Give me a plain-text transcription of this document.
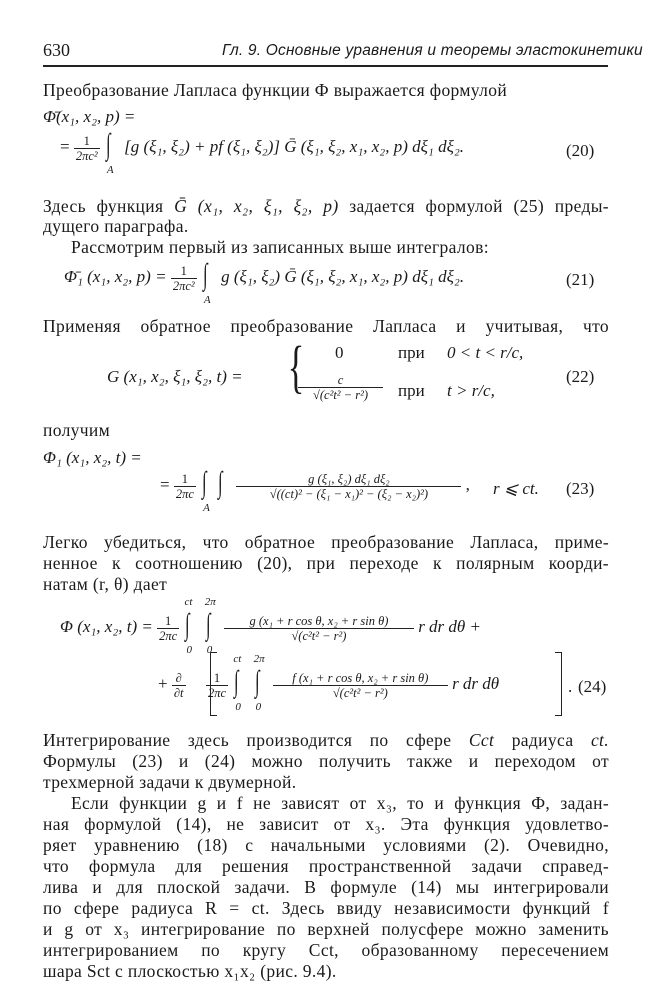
630	Гл. 9. Основные уравнения и теоремы эластокинетики
Преобразование Лапласа функции Ф выражается формулой
Φ̄(x₁, x₂, p) =
= $\frac{1}{\text{2πc²}}$
∫
A
[g (ξ₁, ξ₂) + pf (ξ₁, ξ₂)] Ḡ (ξ₁, ξ₂, x₁, x₂, p) dξ₁ dξ₂.	(20)
Здесь функция Ḡ (x₁, x₂, ξ₁, ξ₂, p) задается формулой (25) преды-
дущего параграфа.
Рассмотрим первый из записанных выше интегралов:
Φ̄₁ (x₁, x₂, $p) = \frac{1}{\text{2πc²}}$
∫
A
g (ξ₁, ξ₂) Ḡ (ξ₁, ξ₂, x₁, x₂, p) dξ₁ dξ₂.	(21)
Применяя обратное преобразование Лапласа и учитывая, что
G (x₁, x₂, ξ₁, ξ₂, t) = {	0	при 0 < t < r/c,
$\frac{c}{\text{√(c²t² − r²)}}$ при t > r/c,
(22)
получим
Φ₁ (x₁, x₂, t) =
= $\frac{1}{2\pi c}$
∫
A
∫
$\frac{\text{g (ξ₁, ξ₂) dξ₁ dξ₂}}{\text{√((ct)² − (ξ₁ − x₁)² − (ξ₂ − x₂)²)}}$ , r ⩽ ct. (23)
Легко убедиться, что обратное преобразование Лапласа, приме-
ненное к соотношению (20), при переходе к полярным коорди-
натам (r, θ) дает
Φ (x₁, x₂, $t) = \frac{1}{2\pi c}$
∫
ct
0

∫
2π
0

$\frac{\text{g (x₁ + r cos θ, x₂ + r sin θ)}}{\text{√(c²t² − r²)}}$ r dr dθ +
+ $\frac{\partial}{\partial t}$
$\frac{1}{2\pi c}$
∫
ct
0

∫
2π
0

$\frac{\text{f (x₁ + r cos θ, x₂ + r sin θ)}}{\text{√(c²t² − r²)}}$ r dr dθ	. (24)
Интегрирование здесь производится по сфере Cct радиуса ct.
Формулы (23) и (24) можно получить также и переходом от
трехмерной задачи к двумерной.
Если функции g и f не зависят от x₃, то и функция Ф, задан-
ная формулой (14), не зависит от x₃. Эта функция удовлетво-
ряет уравнению (18) с начальными условиями (2). Очевидно,
что формула для решения пространственной задачи справед-
лива и для плоской задачи. В формуле (14) мы интегрировали
по сфере радиуса R = ct. Здесь ввиду независимости функций f
и g от x₃ интегрирование по верхней полусфере можно заменить
интегрированием по кругу Cct, образованному пересечением
шара Sct с плоскостью x₁x₂ (рис. 9.4).
